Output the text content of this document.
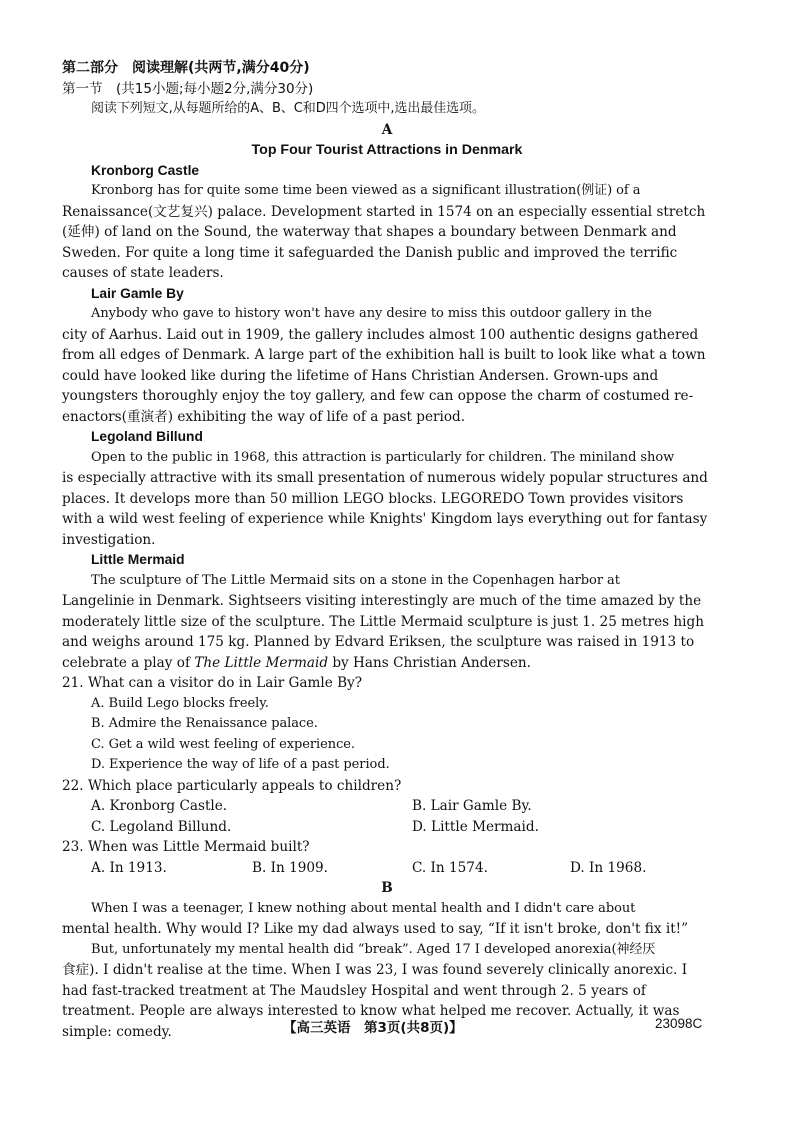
第二部分　阅读理解(共两节,满分40分)
第一节　(共15小题;每小题2分,满分30分)
阅读下列短文,从每题所给的A、B、C和D四个选项中,选出最佳选项。
A
Top Four Tourist Attractions in Denmark
Kronborg Castle
Kronborg has for quite some time been viewed as a significant illustration(例证) of a
Renaissance(文艺复兴) palace. Development started in 1574 on an especially essential stretch
(延伸) of land on the Sound, the waterway that shapes a boundary between Denmark and
Sweden. For quite a long time it safeguarded the Danish public and improved the terrific
causes of state leaders.
Lair Gamle By
Anybody who gave to history won't have any desire to miss this outdoor gallery in the
city of Aarhus. Laid out in 1909, the gallery includes almost 100 authentic designs gathered
from all edges of Denmark. A large part of the exhibition hall is built to look like what a town
could have looked like during the lifetime of Hans Christian Andersen. Grown-ups and
youngsters thoroughly enjoy the toy gallery, and few can oppose the charm of costumed re-
enactors(重演者) exhibiting the way of life of a past period.
Legoland Billund
Open to the public in 1968, this attraction is particularly for children. The miniland show
is especially attractive with its small presentation of numerous widely popular structures and
places. It develops more than 50 million LEGO blocks. LEGOREDO Town provides visitors
with a wild west feeling of experience while Knights' Kingdom lays everything out for fantasy
investigation.
Little Mermaid
The sculpture of The Little Mermaid sits on a stone in the Copenhagen harbor at
Langelinie in Denmark. Sightseers visiting interestingly are much of the time amazed by the
moderately little size of the sculpture. The Little Mermaid sculpture is just 1. 25 metres high
and weighs around 175 kg. Planned by Edvard Eriksen, the sculpture was raised in 1913 to
celebrate a play of The Little Mermaid by Hans Christian Andersen.
21. What can a visitor do in Lair Gamle By?
A. Build Lego blocks freely.
B. Admire the Renaissance palace.
C. Get a wild west feeling of experience.
D. Experience the way of life of a past period.
22. Which place particularly appeals to children?
A. Kronborg Castle.	B. Lair Gamle By.
C. Legoland Billund.	D. Little Mermaid.
23. When was Little Mermaid built?
A. In 1913.	B. In 1909.	C. In 1574.	D. In 1968.
B
When I was a teenager, I knew nothing about mental health and I didn't care about
mental health. Why would I? Like my dad always used to say, “If it isn't broke, don't fix it!”
But, unfortunately my mental health did “break”. Aged 17 I developed anorexia(神经厌
食症). I didn't realise at the time. When I was 23, I was found severely clinically anorexic. I
had fast-tracked treatment at The Maudsley Hospital and went through 2. 5 years of
treatment. People are always interested to know what helped me recover. Actually, it was
simple: comedy.	【高三英语　第3页(共8页)】	23098C
